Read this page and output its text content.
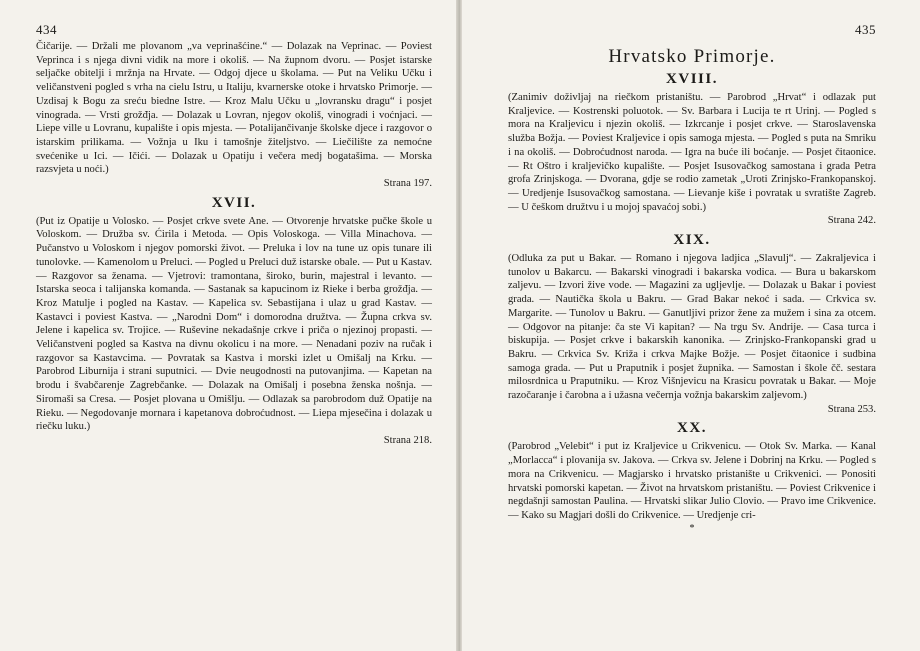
434

Čičarije. — Držali me plovanom „va veprinašćine.“ — Dolazak na Veprinac. — Poviest Veprinca i s njega divni vidik na more i okoliš. — Na župnom dvoru. — Posjet istarske seljačke obitelji i mržnja na Hrvate. — Odgoj djece u školama. — Put na Veliku Učku i veličanstveni pogled s vrha na cielu Istru, u Italiju, kvarnerske otoke i hrvatsko Primorje. — Uzdisaj k Bogu za sreću biedne Istre. — Kroz Malu Učku u „lovransku dragu“ i posjet vinograda. — Vrsti grožđja. — Dolazak u Lovran, njegov okoliš, vinogradi i voćnjaci. — Liepe ville u Lovranu, kupalište i opis mjesta. — Potalijančivanje školske djece i razgovor o istarskim prilikama. — Vožnja u Iku i tamošnje žiteljstvo. — Liečilište za nemoćne svećenike u Ici. — Ičići. — Dolazak u Opatiju i večera medj bogatašima. — Morska razsvjeta u noći.)

Strana 197.

XVII.

(Put iz Opatije u Volosko. — Posjet crkve svete Ane. — Otvorenje hrvatske pučke škole u Voloskom. — Družba sv. Ćirila i Metoda. — Opis Voloskoga. — Villa Minachova. — Pučanstvo u Voloskom i njegov pomorski život. — Preluka i lov na tune uz opis tunare ili tunolovke. — Kamenolom u Preluci. — Pogled u Preluci duž istarske obale. — Put u Kastav. — Razgovor sa ženama. — Vjetrovi: tramontana, široko, burin, majestral i levanto. — Istarska seoca i talijanska komanda. — Sastanak sa kapucinom iz Rieke i berba grožđja. — Kroz Matulje i pogled na Kastav. — Kapelica sv. Sebastijana i ulaz u grad Kastav. — Kastavci i poviest Kastva. — „Narodni Dom“ i domorodna družtva. — Župna crkva sv. Jelene i kapelica sv. Trojice. — Ruševine nekadašnje crkve i priča o njezinoj propasti. — Veličanstveni pogled sa Kastva na divnu okolicu i na more. — Nenadani poziv na ručak i razgovor sa Kastavcima. — Povratak sa Kastva i morski izlet u Omišalj na Krku. — Parobrod Liburnija i strani suputnici. — Dvie neugodnosti na putovanjima. — Kapetan na brodu i švabčarenje Zagrebčanke. — Dolazak na Omišalj i posebna ženska nošnja. — Siromaši sa Cresa. — Posjet plovana u Omišlju. — Odlazak sa parobrodom duž Opatije na Rieku. — Negodovanje mornara i kapetanova dobroćudnost. — Liepa mjesečina i dolazak u riečku luku.)

Strana 218.

435
Hrvatsko Primorje.
XVIII.

(Zanimiv doživljaj na riečkom pristaništu. — Parobrod „Hrvat“ i odlazak put Kraljevice. — Kostrenski poluotok. — Sv. Barbara i Lucija te rt Urinj. — Pogled s mora na Kraljevicu i njezin okoliš. — Izkrcanje i posjet crkve. — Staroslavenska služba Božja. — Poviest Kraljevice i opis samoga mjesta. — Pogled s puta na Smriku i na okoliš. — Dobroćudnost naroda. — Igra na buće ili boćanje. — Posjet čitaonice. — Rt Oštro i kraljevičko kupalište. — Posjet Isusovačkog samostana i grada Petra grofa Zrinjskoga. — Dvorana, gdje se rodio zametak „Uroti Zrinjsko-Frankopanskoj. — Uredjenje Isusovačkog samostana. — Lievanje kiše i povratak u svratište Zagreb. — U češkom družtvu i u mojoj spavaćoj sobi.)

Strana 242.

XIX.

(Odluka za put u Bakar. — Romano i njegova ladjica „Slavulj“. — Zakraljevica i tunolov u Bakarcu. — Bakarski vinogradi i bakarska vodica. — Bura u bakarskom zaljevu. — Izvori žive vode. — Magazini za ugljevlje. — Dolazak u Bakar i poviest grada. — Nautička škola u Bakru. — Grad Bakar nekoć i sada. — Crkvica sv. Margarite. — Tunolov u Bakru. — Ganutljivi prizor žene za mužem i sina za otcem. — Odgovor na pitanje: ča ste Vi kapitan? — Na trgu Sv. Andrije. — Casa turca i biskupija. — Posjet crkve i bakarskih kanonika. — Zrinjsko-Frankopanski grad u Bakru. — Crkvica Sv. Križa i crkva Majke Božje. — Posjet čitaonice i sudbina samoga grada. — Put u Praputnik i posjet župnika. — Samostan i škole čč. sestara milosrdnica u Praputniku. — Kroz Višnjevicu na Krasicu povratak u Bakar. — Moje razočaranje i čarobna a i užasna večernja vožnja bakarskim zaljevom.)

Strana 253.

XX.

(Parobrod „Velebit“ i put iz Kraljevice u Crikvenicu. — Otok Sv. Marka. — Kanal „Morlacca“ i plovanija sv. Jakova. — Crkva sv. Jelene i Dobrinj na Krku. — Pogled s mora na Crikvenicu. — Magjarsko i hrvatsko pristanište u Crikvenici. — Ponositi hrvatski pomorski kapetan. — Život na hrvatskom pristaništu. — Poviest Crikvenice i negdašnji samostan Paulina. — Hrvatski slikar Julio Clovio. — Pravo ime Crikvenice. — Kako su Magjari došli do Crikvenice. — Uredjenje cri-

*
